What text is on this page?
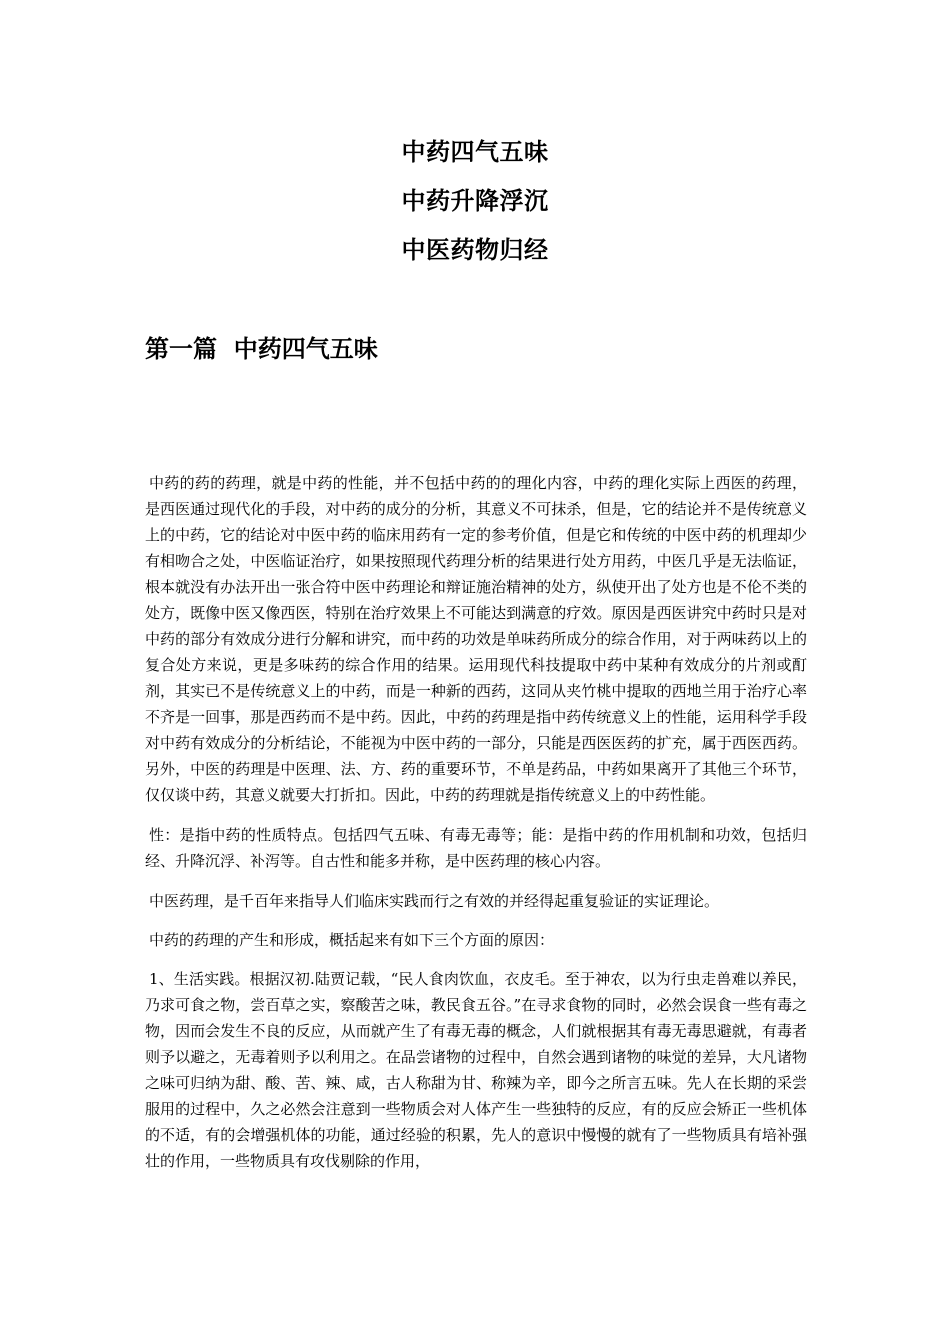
中药四气五味
中药升降浮沉
中医药物归经
第一篇  中药四气五味

中药的药的药理，就是中药的性能，并不包括中药的的理化内容，中药的理化实际上西医的药理，是西医通过现代化的手段，对中药的成分的分析，其意义不可抹杀，但是，它的结论并不是传统意义上的中药，它的结论对中医中药的临床用药有一定的参考价值，但是它和传统的中医中药的机理却少有相吻合之处，中医临证治疗，如果按照现代药理分析的结果进行处方用药，中医几乎是无法临证，根本就没有办法开出一张合符中医中药理论和辩证施治精神的处方，纵使开出了处方也是不伦不类的处方，既像中医又像西医，特别在治疗效果上不可能达到满意的疗效。原因是西医讲究中药时只是对中药的部分有效成分进行分解和讲究，而中药的功效是单味药所成分的综合作用，对于两味药以上的复合处方来说，更是多味药的综合作用的结果。运用现代科技提取中药中某种有效成分的片剂或酊剂，其实已不是传统意义上的中药，而是一种新的西药，这同从夹竹桃中提取的西地兰用于治疗心率不齐是一回事，那是西药而不是中药。因此，中药的药理是指中药传统意义上的性能，运用科学手段对中药有效成分的分析结论，不能视为中医中药的一部分，只能是西医医药的扩充，属于西医西药。另外，中医的药理是中医理、法、方、药的重要环节，不单是药品，中药如果离开了其他三个环节，仅仅谈中药，其意义就要大打折扣。因此，中药的药理就是指传统意义上的中药性能。

性：是指中药的性质特点。包括四气五味、有毒无毒等；能：是指中药的作用机制和功效，包括归经、升降沉浮、补泻等。自古性和能多并称，是中医药理的核心内容。

中医药理，是千百年来指导人们临床实践而行之有效的并经得起重复验证的实证理论。

中药的药理的产生和形成，概括起来有如下三个方面的原因：

1、生活实践。根据汉初.陆贾记载，“民人食肉饮血，衣皮毛。至于神农，以为行虫走兽难以养民，乃求可食之物，尝百草之实，察酸苦之味，教民食五谷。”在寻求食物的同时，必然会误食一些有毒之物，因而会发生不良的反应，从而就产生了有毒无毒的概念，人们就根据其有毒无毒思避就，有毒者则予以避之，无毒着则予以利用之。在品尝诸物的过程中，自然会遇到诸物的味觉的差异，大凡诸物之味可归纳为甜、酸、苦、辣、咸，古人称甜为甘、称辣为辛，即今之所言五味。先人在长期的采尝服用的过程中，久之必然会注意到一些物质会对人体产生一些独特的反应，有的反应会矫正一些机体的不适，有的会增强机体的功能，通过经验的积累，先人的意识中慢慢的就有了一些物质具有培补强壮的作用，一些物质具有攻伐剔除的作用，
